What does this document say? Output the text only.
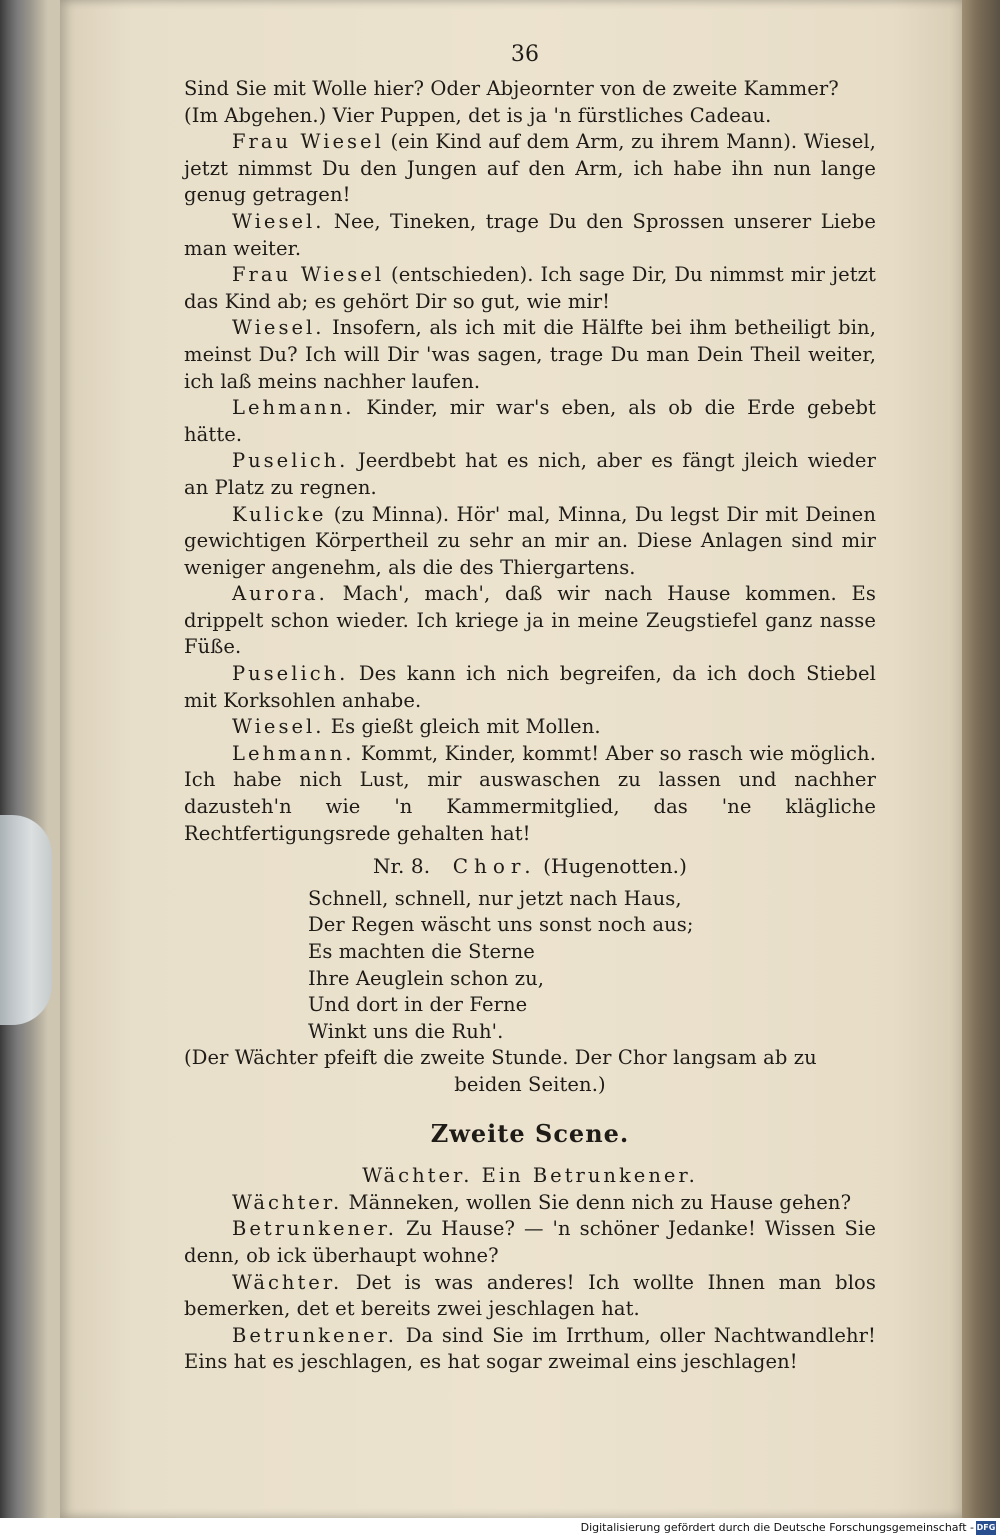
36

Sind Sie mit Wolle hier? Oder Abjeornter von de zweite Kammer?
(Im Abgehen.) Vier Puppen, det is ja 'n fürstliches Cadeau.

Frau Wiesel (ein Kind auf dem Arm, zu ihrem Mann). Wiesel, jetzt nimmst Du den Jungen auf den Arm, ich habe ihn nun lange genug getragen!

Wiesel. Nee, Tineken, trage Du den Sprossen unserer Liebe man weiter.

Frau Wiesel (entschieden). Ich sage Dir, Du nimmst mir jetzt das Kind ab; es gehört Dir so gut, wie mir!

Wiesel. Insofern, als ich mit die Hälfte bei ihm betheiligt bin, meinst Du? Ich will Dir 'was sagen, trage Du man Dein Theil weiter, ich laß meins nachher laufen.

Lehmann. Kinder, mir war's eben, als ob die Erde gebebt hätte.

Puselich. Jeerdbebt hat es nich, aber es fängt jleich wieder an Platz zu regnen.

Kulicke (zu Minna). Hör' mal, Minna, Du legst Dir mit Deinen gewichtigen Körpertheil zu sehr an mir an. Diese Anlagen sind mir weniger angenehm, als die des Thiergartens.

Aurora. Mach', mach', daß wir nach Hause kommen. Es drippelt schon wieder. Ich kriege ja in meine Zeugstiefel ganz nasse Füße.

Puselich. Des kann ich nich begreifen, da ich doch Stiebel mit Korksohlen anhabe.

Wiesel. Es gießt gleich mit Mollen.

Lehmann. Kommt, Kinder, kommt! Aber so rasch wie möglich. Ich habe nich Lust, mir auswaschen zu lassen und nachher dazusteh'n wie 'n Kammermitglied, das 'ne klägliche Rechtfertigungsrede gehalten hat!

Nr. 8. Chor. (Hugenotten.)

Schnell, schnell, nur jetzt nach Haus,

Der Regen wäscht uns sonst noch aus;

Es machten die Sterne

Ihre Aeuglein schon zu,

Und dort in der Ferne

Winkt uns die Ruh'.

(Der Wächter pfeift die zweite Stunde. Der Chor langsam ab zu

beiden Seiten.)

Zweite Scene.

Wächter. Ein Betrunkener.

Wächter. Männeken, wollen Sie denn nich zu Hause gehen?

Betrunkener. Zu Hause? — 'n schöner Jedanke! Wissen Sie denn, ob ick überhaupt wohne?

Wächter. Det is was anderes! Ich wollte Ihnen man blos bemerken, det et bereits zwei jeschlagen hat.

Betrunkener. Da sind Sie im Irrthum, oller Nachtwandlehr! Eins hat es jeschlagen, es hat sogar zweimal eins jeschlagen!

Digitalisierung gefördert durch die Deutsche Forschungsgemeinschaft - DFG
